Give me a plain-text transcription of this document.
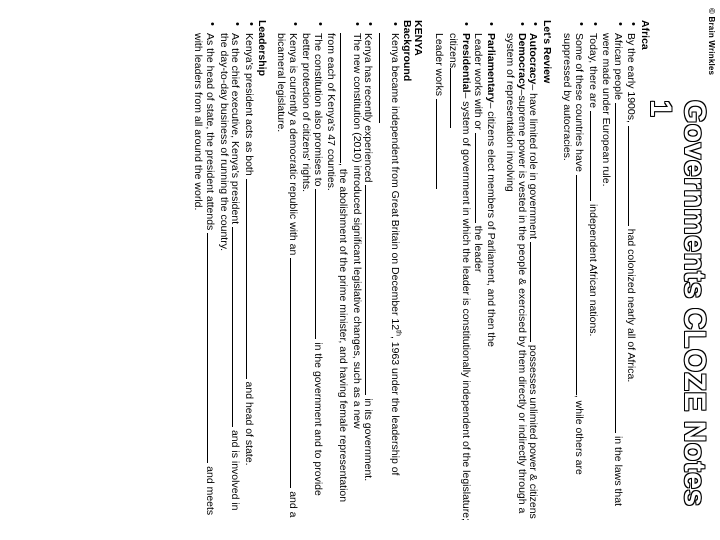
© Brain Wrinkles
Governments CLOZE Notes 1

Africa

• By the early 1900s,  had colonized nearly all of Africa.
• African people  in the laws that were made under European rule.
• Today, there are  independent African nations.
• Some of these countries have , while others are suppressed by autocracies.

Let's Review

• Autocracy– have limited role in government  possesses unlimited power & citizens
• Democracy–supreme power is vested in the people & exercised by them directly or indirectly through a system of representation involving
• Parliamentary– citizens elect members of Parliament, and then the
Leader works with or  the leader
• Presidential– system of government in which the leader is constitutionally independent of the legislature; citizens
Leader works

KENYA

Background

• Kenya became independent from Great Britain on December 12th, 1963 under the leadership of
• Kenya has recently experienced  in its government.
• The new constitution (2010) introduced significant legislative changes, such as a new , the abolishment of the prime minister, and having female representation from each of Kenya's 47 counties.
• The constitution also promises to  in the government and to provide better protection of citizens' rights.
• Kenya is currently a democratic republic with an  and a bicameral legislature.

Leadership

• Kenya's president acts as both  and head of state.
• As the chief executive, Kenya's president  and is involved in the day-to-day business of running the country.
• As the head of state, the president attends  and meets with leaders from all around the world.
